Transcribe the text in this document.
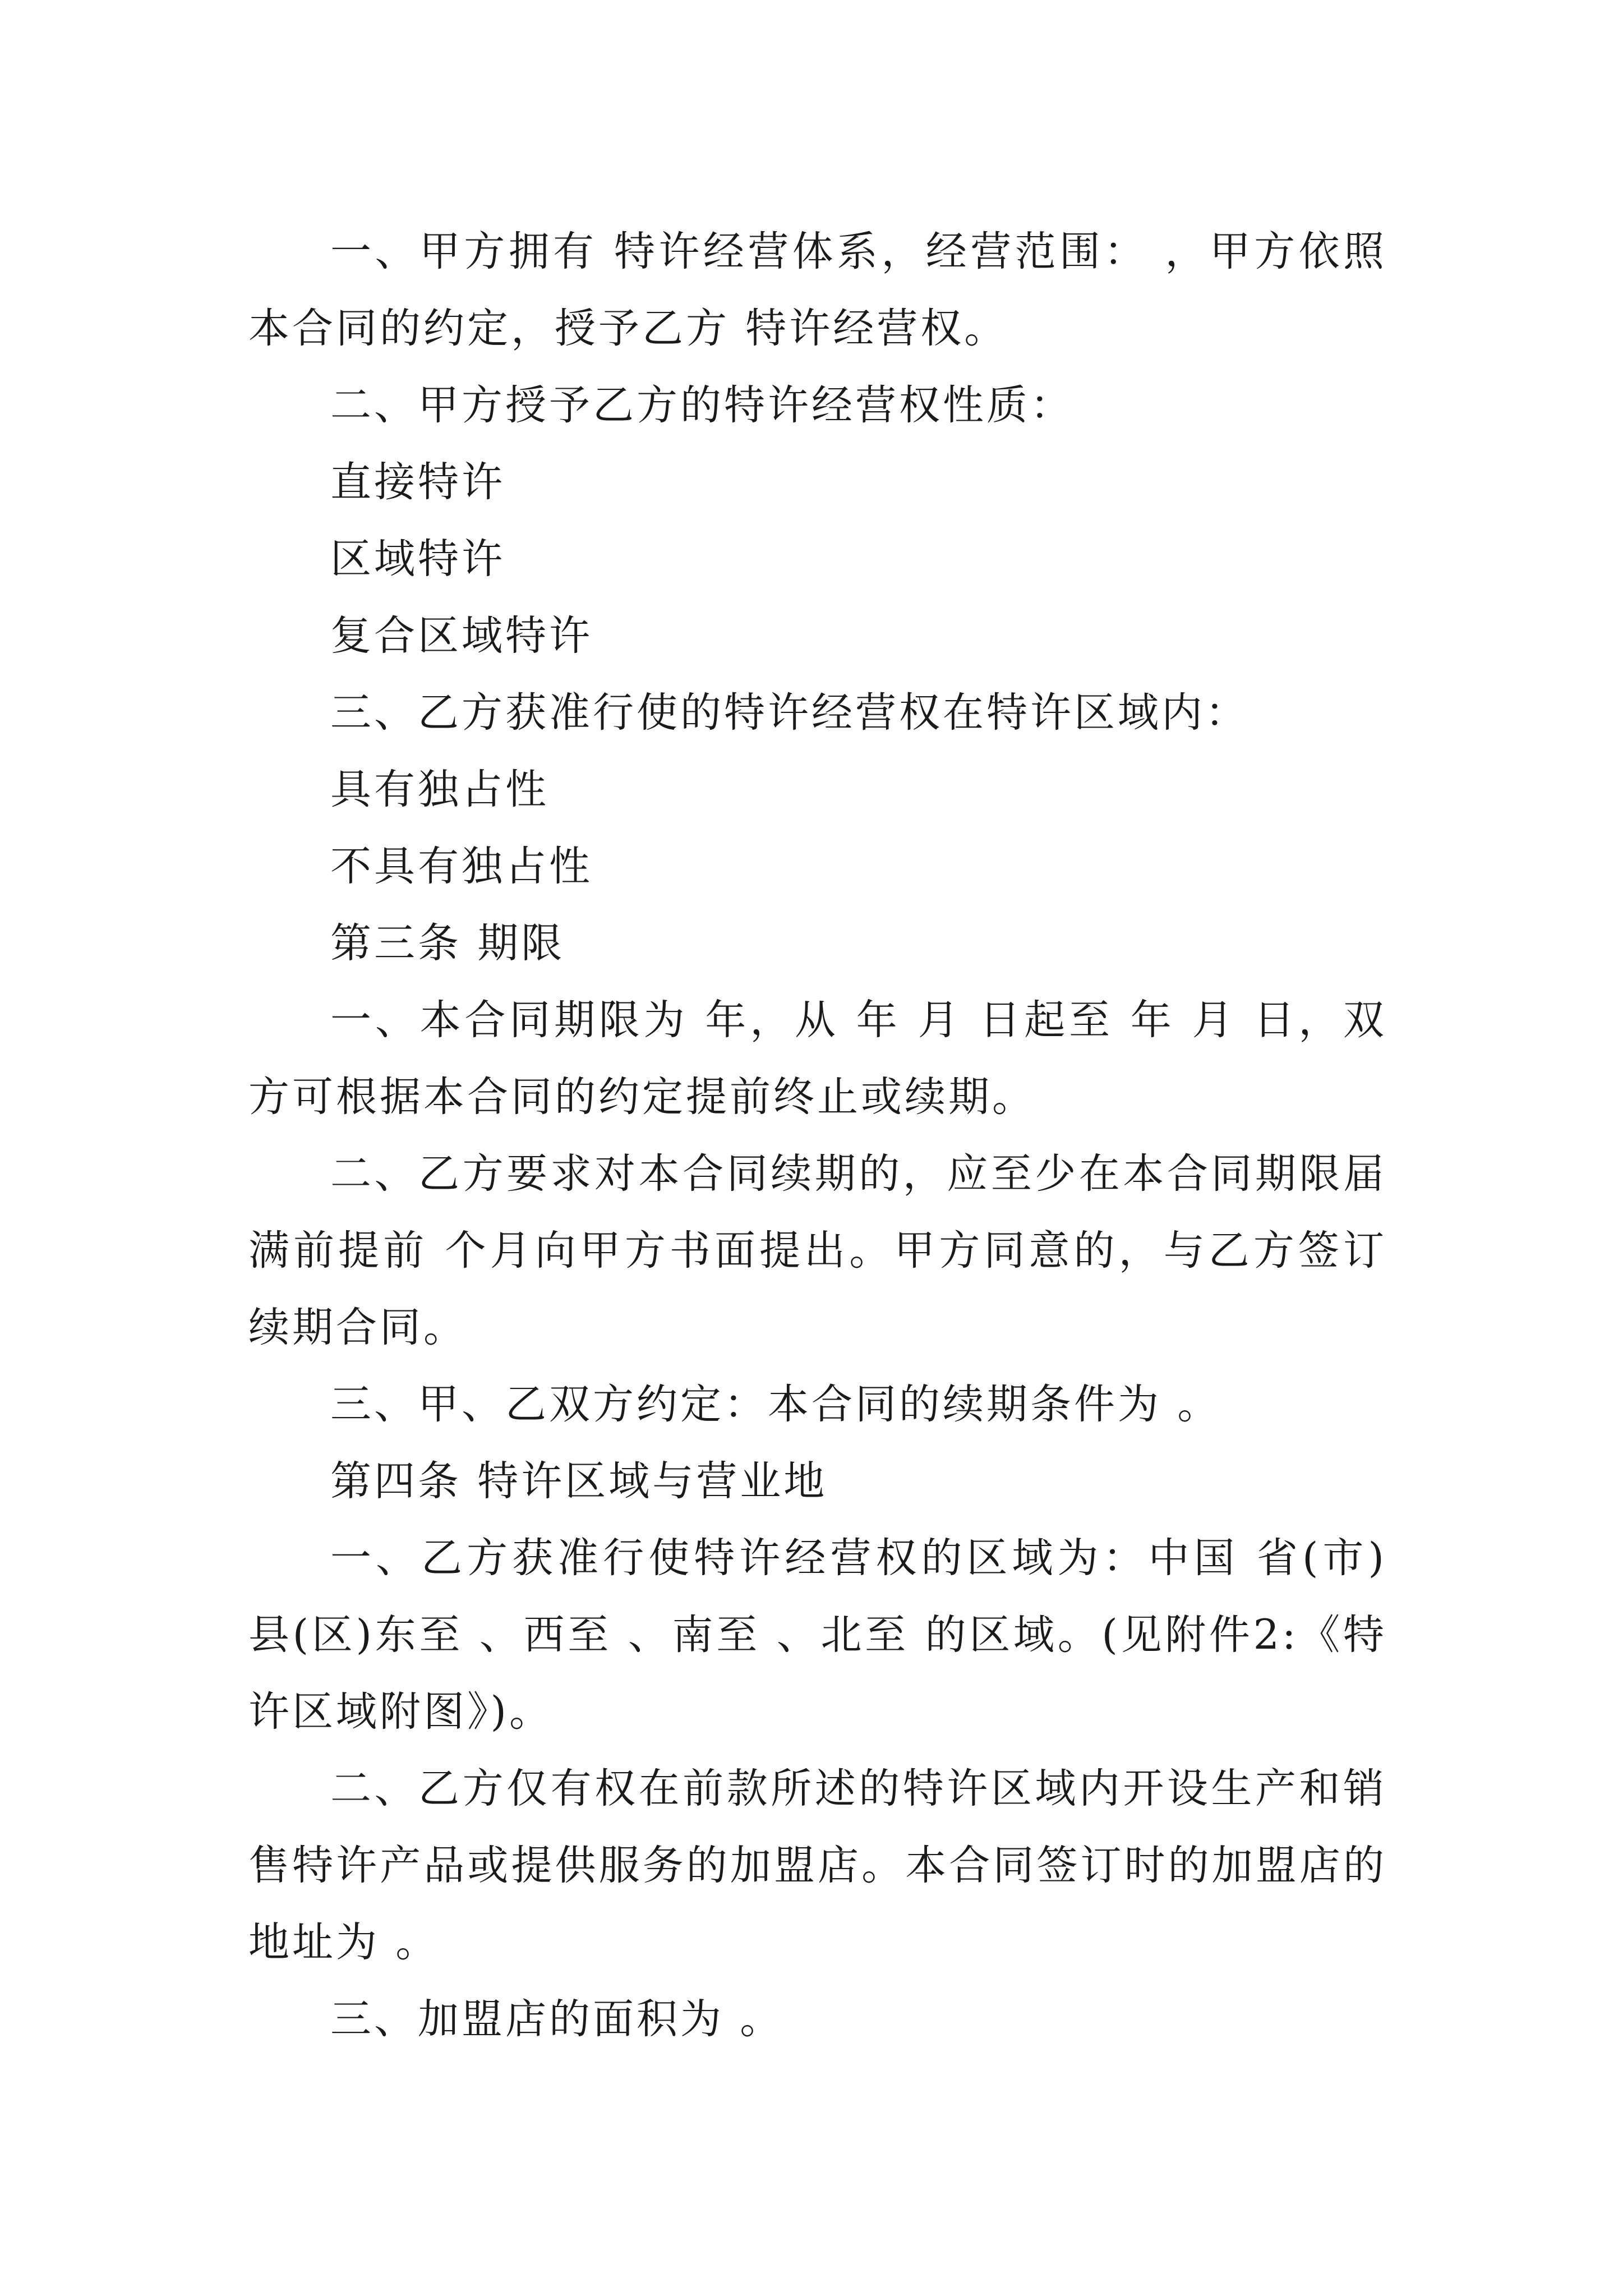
一、甲方拥有 特许经营体系，经营范围： ，甲方依照本合同的约定，授予乙方 特许经营权。

二、甲方授予乙方的特许经营权性质：

直接特许

区域特许

复合区域特许

三、乙方获准行使的特许经营权在特许区域内：

具有独占性

不具有独占性

第三条 期限

一、本合同期限为 年，从 年 月 日起至 年 月 日，双方可根据本合同的约定提前终止或续期。

二、乙方要求对本合同续期的，应至少在本合同期限届满前提前 个月向甲方书面提出。甲方同意的，与乙方签订续期合同。

三、甲、乙双方约定：本合同的续期条件为 。

第四条 特许区域与营业地

一、乙方获准行使特许经营权的区域为：中国 省(市)县(区)东至 、西至 、南至 、北至 的区域。(见附件2:《特许区域附图》)。

二、乙方仅有权在前款所述的特许区域内开设生产和销售特许产品或提供服务的加盟店。本合同签订时的加盟店的地址为 。

三、加盟店的面积为 。
